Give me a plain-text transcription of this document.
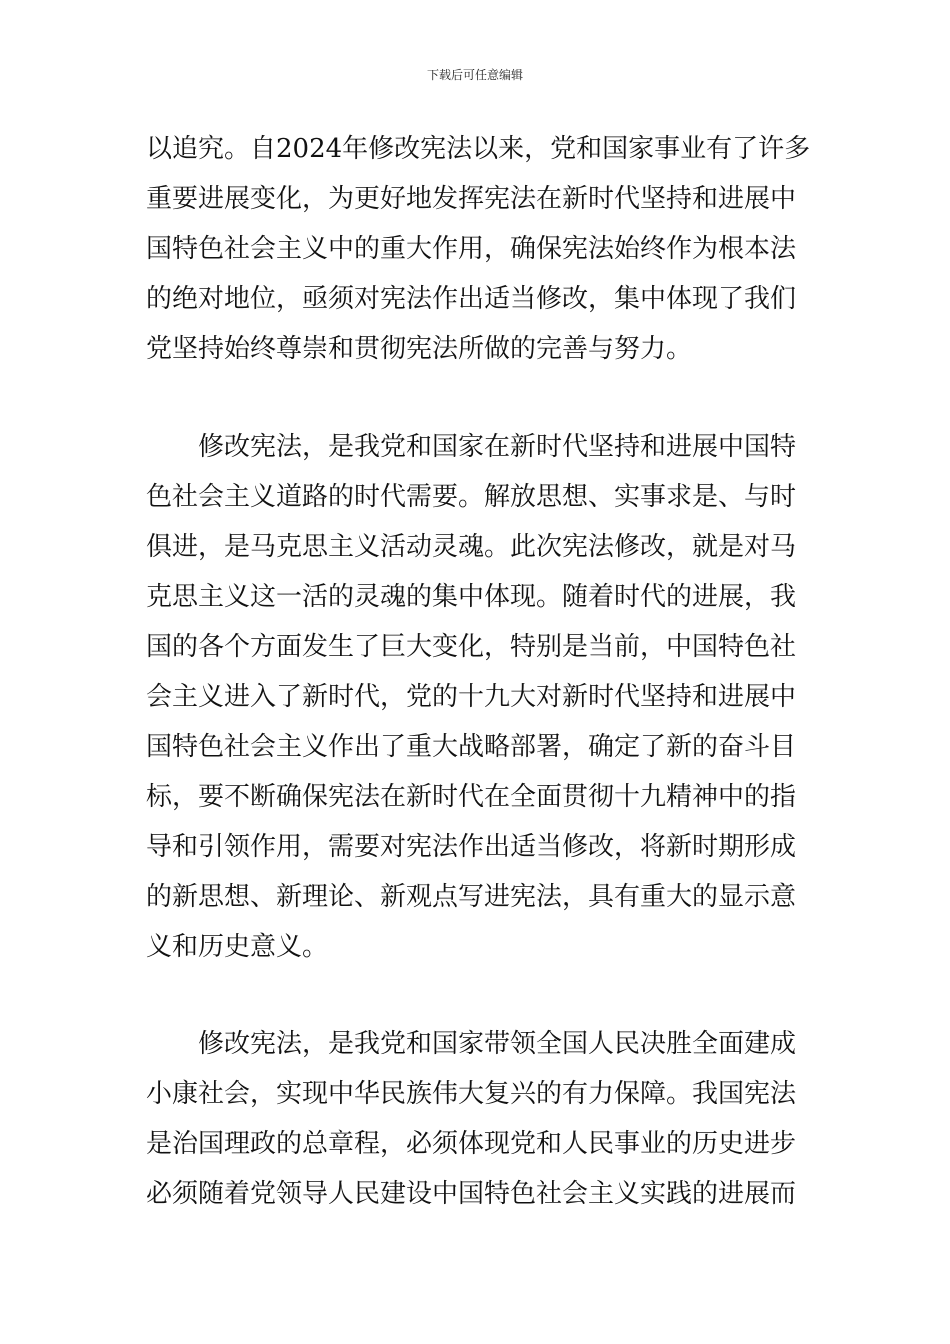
下载后可任意编辑
以追究。自2024年修改宪法以来，党和国家事业有了许多
重要进展变化，为更好地发挥宪法在新时代坚持和进展中
国特色社会主义中的重大作用，确保宪法始终作为根本法
的绝对地位，亟须对宪法作出适当修改，集中体现了我们
党坚持始终尊崇和贯彻宪法所做的完善与努力。
修改宪法，是我党和国家在新时代坚持和进展中国特
色社会主义道路的时代需要。解放思想、实事求是、与时
俱进，是马克思主义活动灵魂。此次宪法修改，就是对马
克思主义这一活的灵魂的集中体现。随着时代的进展，我
国的各个方面发生了巨大变化，特别是当前，中国特色社
会主义进入了新时代，党的十九大对新时代坚持和进展中
国特色社会主义作出了重大战略部署，确定了新的奋斗目
标，要不断确保宪法在新时代在全面贯彻十九精神中的指
导和引领作用，需要对宪法作出适当修改，将新时期形成
的新思想、新理论、新观点写进宪法，具有重大的显示意
义和历史意义。
修改宪法，是我党和国家带领全国人民决胜全面建成
小康社会，实现中华民族伟大复兴的有力保障。我国宪法
是治国理政的总章程，必须体现党和人民事业的历史进步
必须随着党领导人民建设中国特色社会主义实践的进展而
